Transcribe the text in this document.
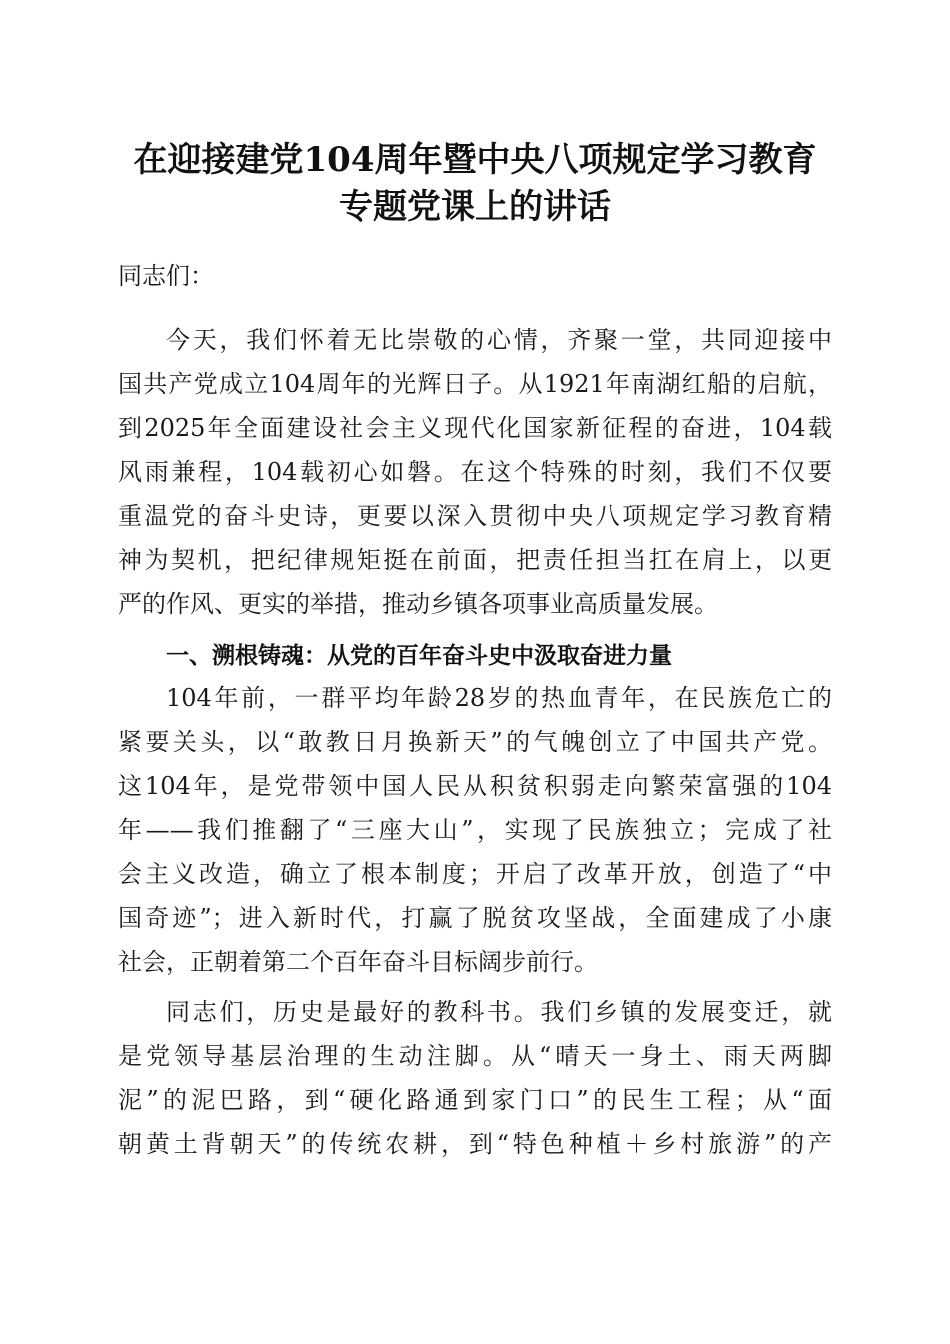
在迎接建党104周年暨中央八项规定学习教育
专题党课上的讲话
同志们：
今天，我们怀着无比崇敬的心情，齐聚一堂，共同迎接中
国共产党成立104周年的光辉日子。从1921年南湖红船的启航，
到2025年全面建设社会主义现代化国家新征程的奋进，104载
风雨兼程，104载初心如磐。在这个特殊的时刻，我们不仅要
重温党的奋斗史诗，更要以深入贯彻中央八项规定学习教育精
神为契机，把纪律规矩挺在前面，把责任担当扛在肩上，以更
严的作风、更实的举措，推动乡镇各项事业高质量发展。
一、溯根铸魂：从党的百年奋斗史中汲取奋进力量
104年前，一群平均年龄28岁的热血青年，在民族危亡的
紧要关头，以“敢教日月换新天”的气魄创立了中国共产党。
这104年，是党带领中国人民从积贫积弱走向繁荣富强的104
年——我们推翻了“三座大山”，实现了民族独立；完成了社
会主义改造，确立了根本制度；开启了改革开放，创造了“中
国奇迹”；进入新时代，打赢了脱贫攻坚战，全面建成了小康
社会，正朝着第二个百年奋斗目标阔步前行。
同志们，历史是最好的教科书。我们乡镇的发展变迁，就
是党领导基层治理的生动注脚。从“晴天一身土、雨天两脚
泥”的泥巴路，到“硬化路通到家门口”的民生工程；从“面
朝黄土背朝天”的传统农耕，到“特色种植＋乡村旅游”的产
